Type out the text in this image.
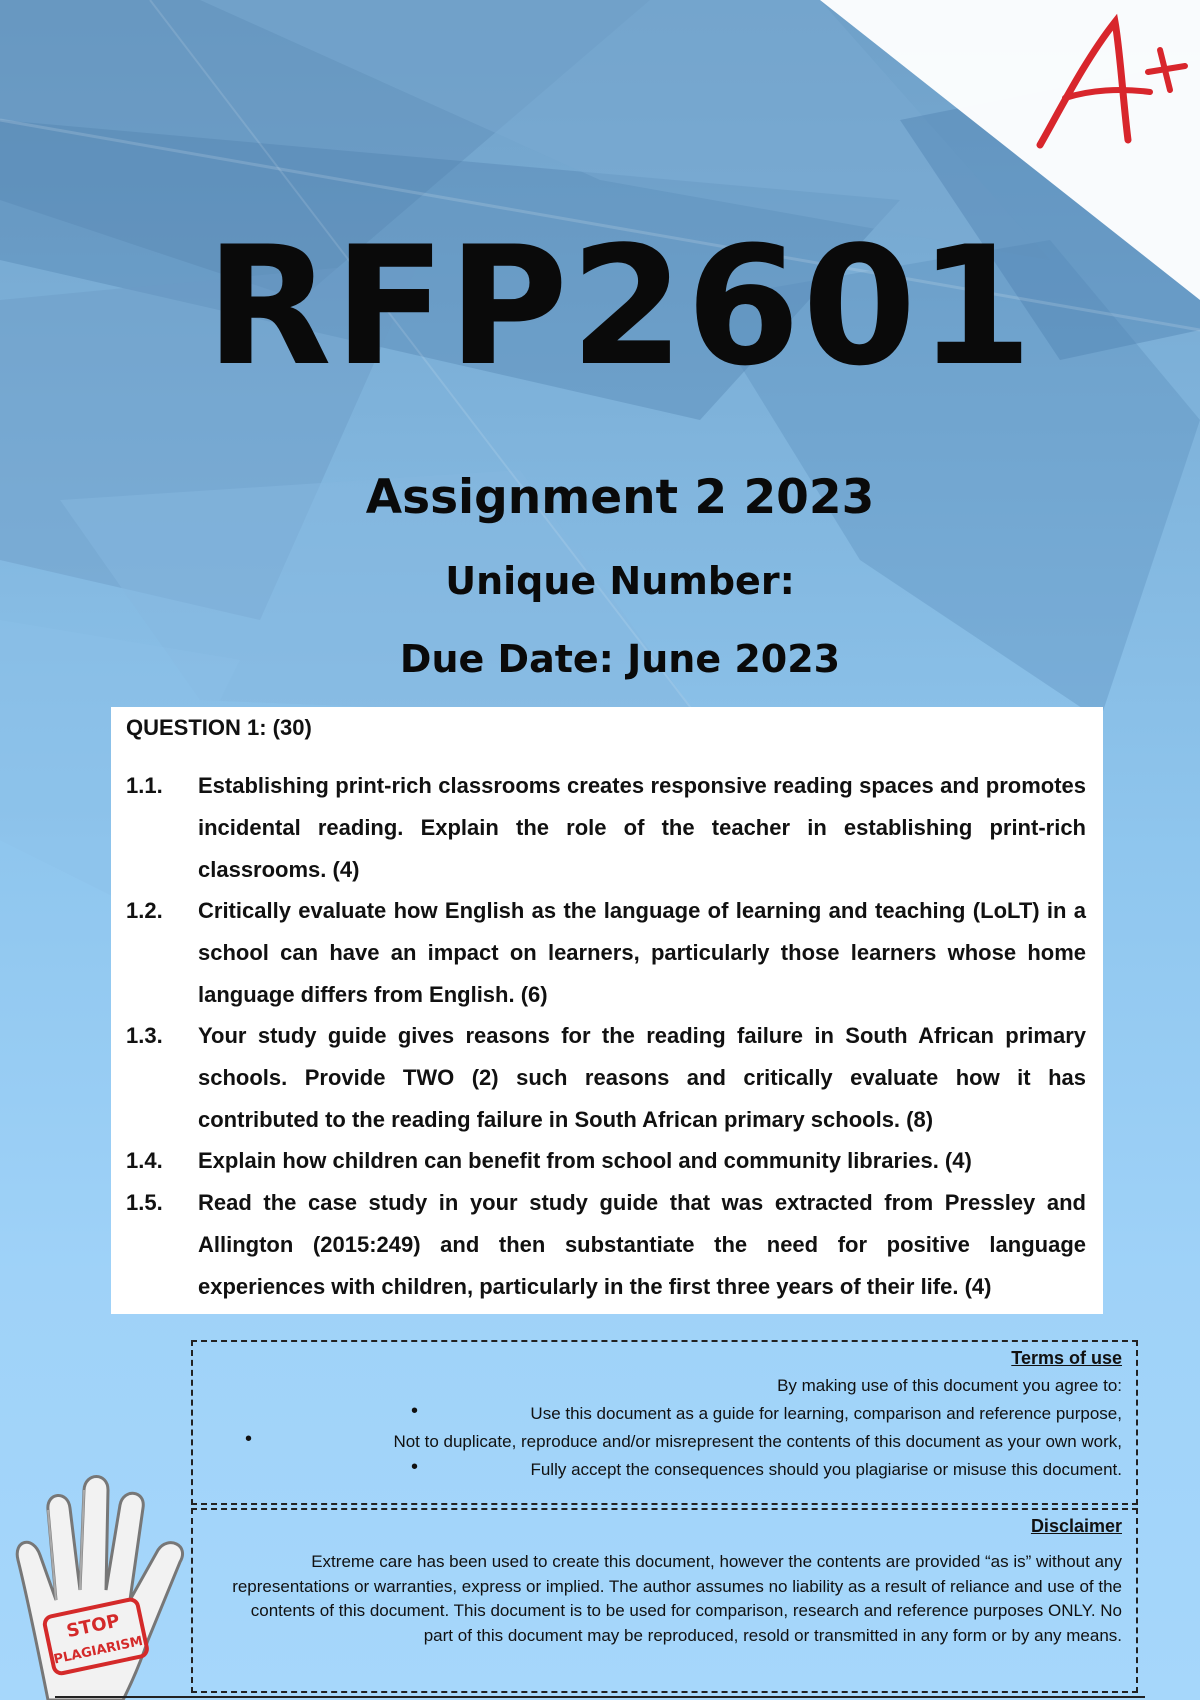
RFP2601
Assignment 2 2023
Unique Number:
Due Date: June 2023
QUESTION 1: (30)
1.1.	Establishing print-rich classrooms creates responsive reading spaces and promotes incidental reading. Explain the role of the teacher in establishing print-rich classrooms. (4)
1.2.	Critically evaluate how English as the language of learning and teaching (LoLT) in a school can have an impact on learners, particularly those learners whose home language differs from English. (6)
1.3.	Your study guide gives reasons for the reading failure in South African primary schools. Provide TWO (2) such reasons and critically evaluate how it has contributed to the reading failure in South African primary schools. (8)
1.4.	Explain how children can benefit from school and community libraries. (4)
1.5.	Read the case study in your study guide that was extracted from Pressley and Allington (2015:249) and then substantiate the need for positive language experiences with children, particularly in the first three years of their life. (4)
Terms of use
By making use of this document you agree to:
•	Use this document as a guide for learning, comparison and reference purpose,
•	Not to duplicate, reproduce and/or misrepresent the contents of this document as your own work,
•	Fully accept the consequences should you plagiarise or misuse this document.
Disclaimer
Extreme care has been used to create this document, however the contents are provided “as is” without any representations or warranties, express or implied. The author assumes no liability as a result of reliance and use of the contents of this document. This document is to be used for comparison, research and reference purposes ONLY. No part of this document may be reproduced, resold or transmitted in any form or by any means.
STOP
PLAGIARISM
